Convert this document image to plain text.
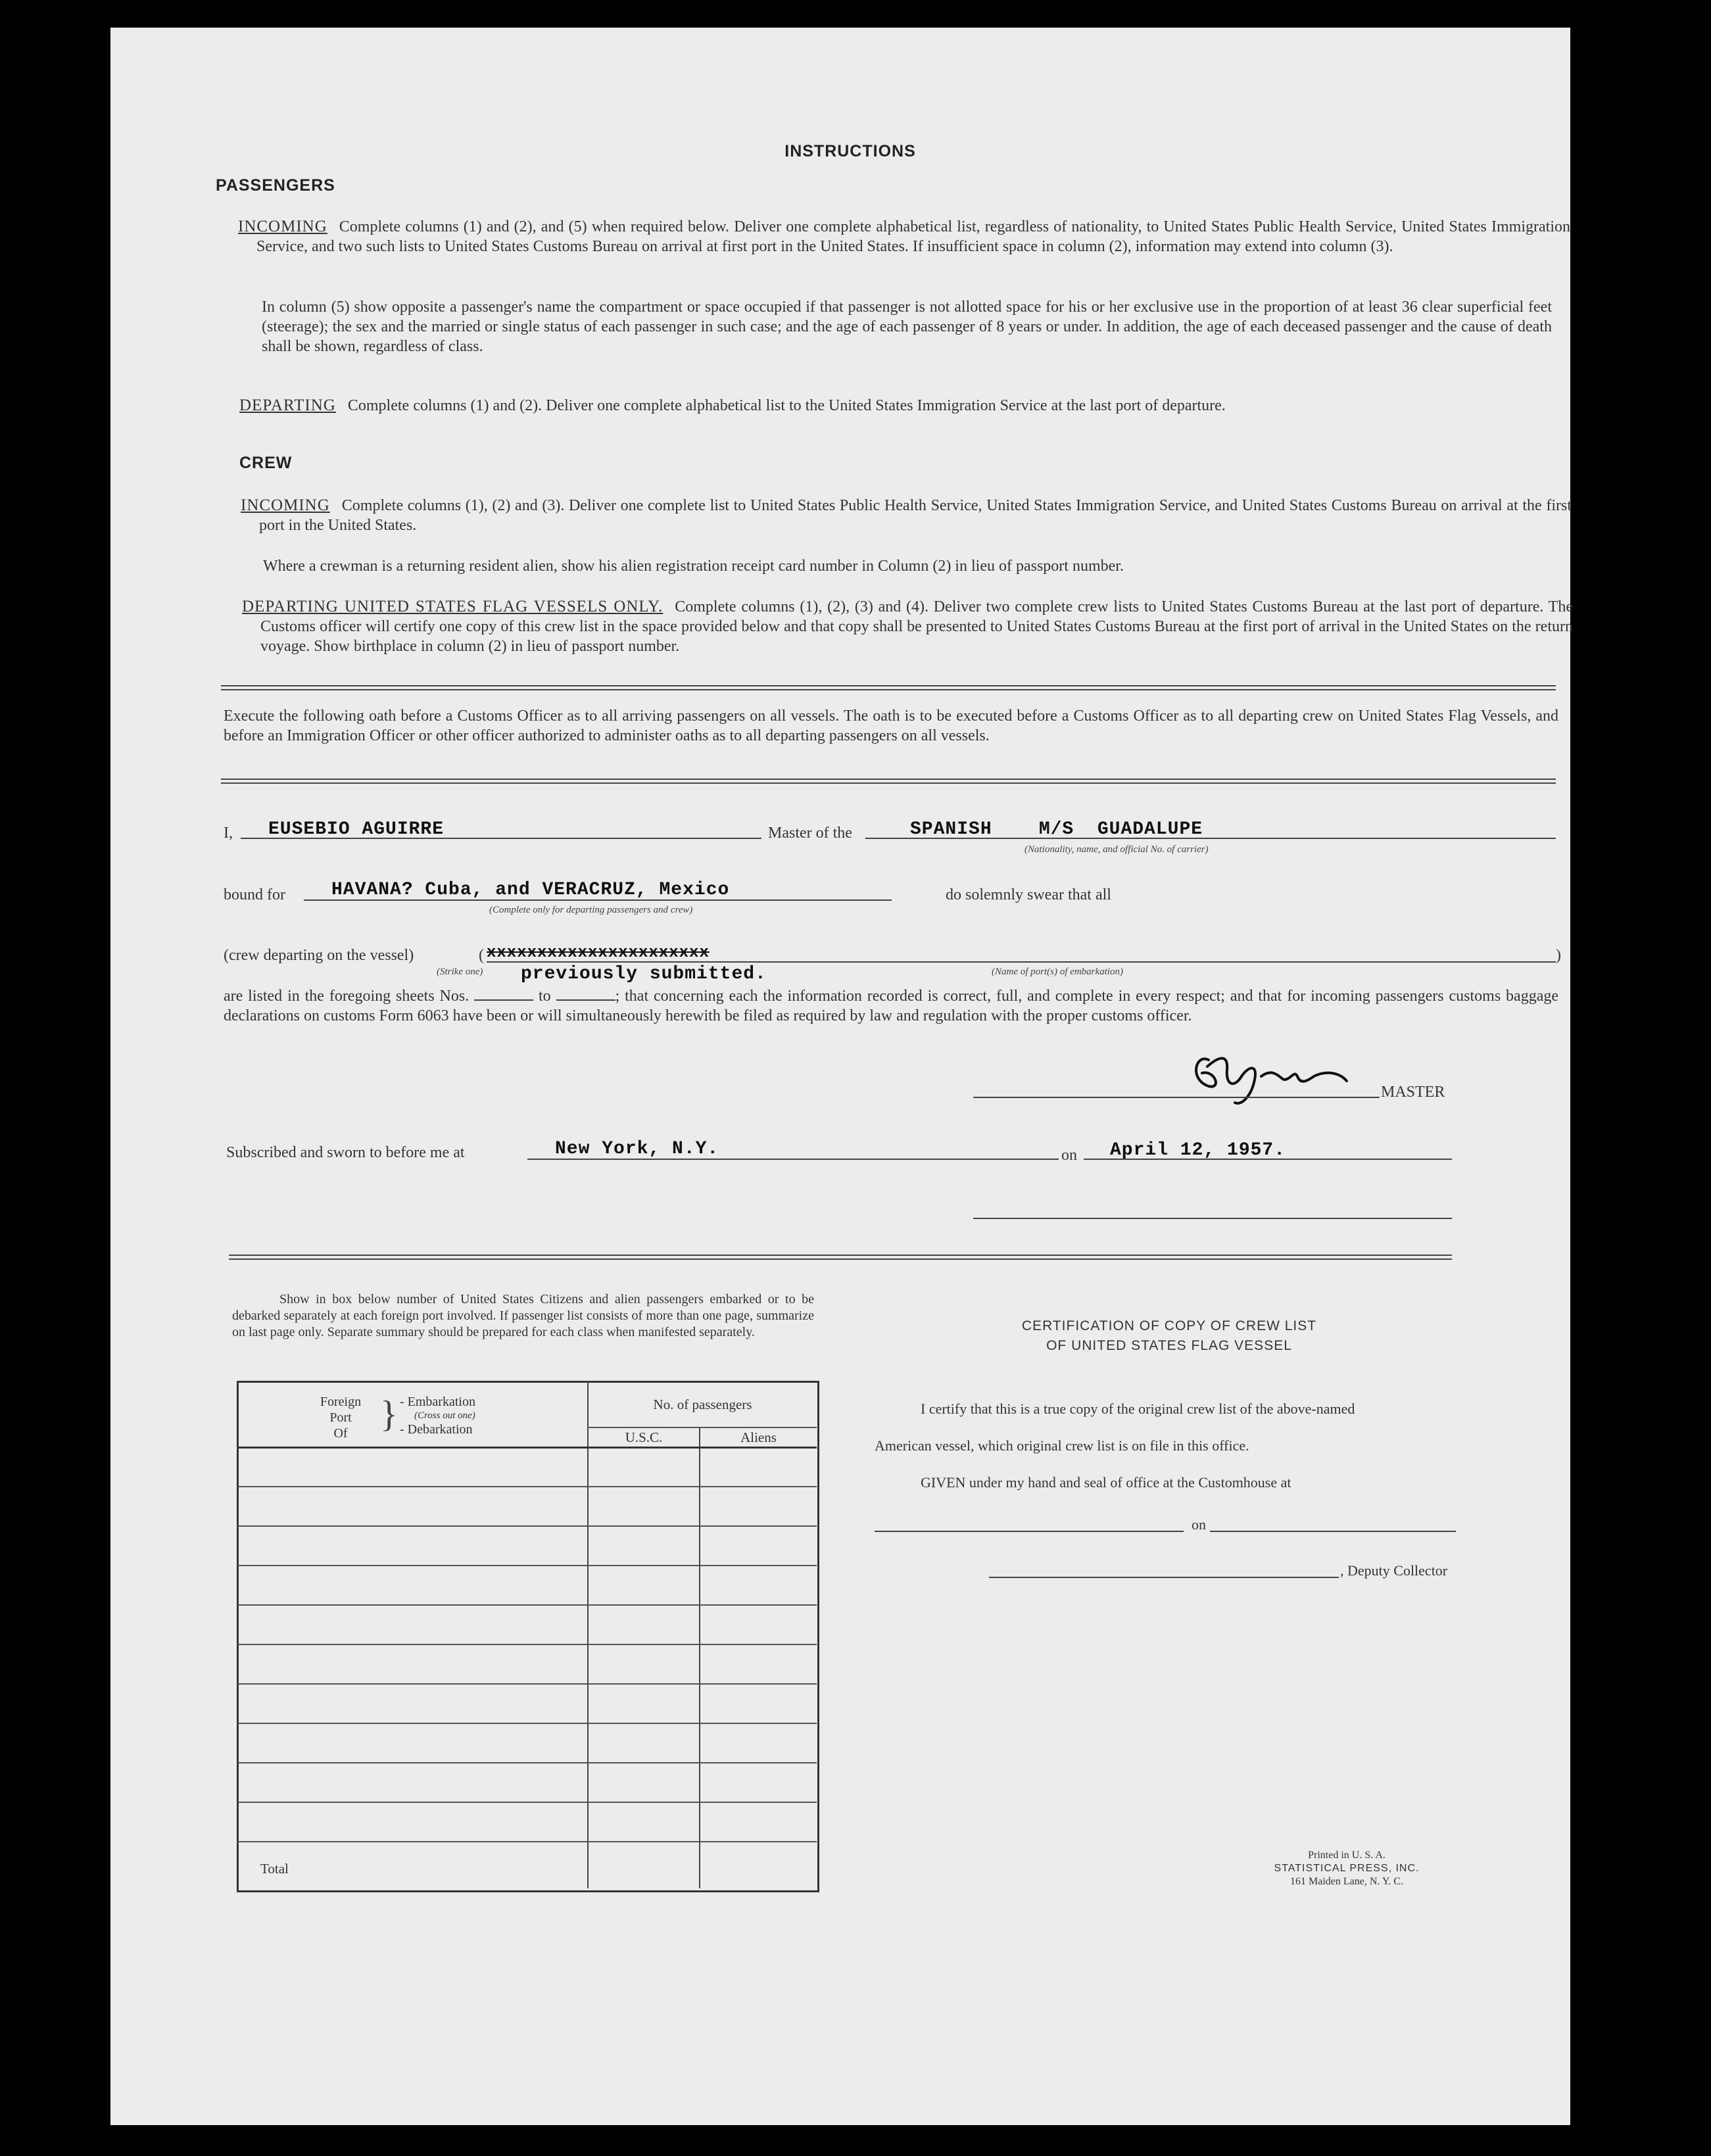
INSTRUCTIONS
PASSENGERS

INCOMING Complete columns (1) and (2), and (5) when required below. Deliver one complete alphabetical list, regardless of nationality, to United States Public Health Service, United States Immigration Service, and two such lists to United States Customs Bureau on arrival at first port in the United States. If insufficient space in column (2), information may extend into column (3).

In column (5) show opposite a passenger's name the compartment or space occupied if that passenger is not allotted space for his or her exclusive use in the proportion of at least 36 clear superficial feet (steerage); the sex and the married or single status of each passenger in such case; and the age of each passenger of 8 years or under. In addition, the age of each deceased passenger and the cause of death shall be shown, regardless of class.

DEPARTING Complete columns (1) and (2). Deliver one complete alphabetical list to the United States Immigration Service at the last port of departure.

CREW

INCOMING Complete columns (1), (2) and (3). Deliver one complete list to United States Public Health Service, United States Immigration Service, and United States Customs Bureau on arrival at the first port in the United States.

Where a crewman is a returning resident alien, show his alien registration receipt card number in Column (2) in lieu of passport number.

DEPARTING UNITED STATES FLAG VESSELS ONLY. Complete columns (1), (2), (3) and (4). Deliver two complete crew lists to United States Customs Bureau at the last port of departure. The Customs officer will certify one copy of this crew list in the space provided below and that copy shall be presented to United States Customs Bureau at the first port of arrival in the United States on the return voyage. Show birthplace in column (2) in lieu of passport number.

Execute the following oath before a Customs Officer as to all arriving passengers on all vessels. The oath is to be executed before a Customs Officer as to all departing crew on United States Flag Vessels, and before an Immigration Officer or other officer authorized to administer oaths as to all departing passengers on all vessels.

I, EUSEBIO AGUIRRE	Master of the	SPANISH    M/S  GUADALUPE
(Nationality, name, and official No. of carrier)
bound for	HAVANA? Cuba, and VERACRUZ, Mexico
(Complete only for departing passengers and crew)
do solemnly swear that all
(crew departing on the vessel)	( xxxxxxxxxxxxxxxxxxxxxx	)
(Strike one) previously submitted.	(Name of port(s) of embarkation)
are listed in the foregoing sheets Nos.	to	; that concerning each the information recorded is correct, full, and complete in every respect; and that for incoming passengers customs baggage declarations on customs Form 6063 have been or will simultaneously herewith be filed as required by law and regulation with the proper customs officer.
MASTER
Subscribed and sworn to before me at	New York, N.Y.	on April 12, 1957.

Show in box below number of United States Citizens and alien passengers embarked or to be debarked separately at each foreign port involved. If passenger list consists of more than one page, summarize on last page only. Separate summary should be prepared for each class when manifested separately.

Foreign
Port
Of } - Embarkation
(Cross out one)
- Debarkation
No. of passengers
U.S.C.	Aliens
Total
CERTIFICATION OF COPY OF CREW LIST
OF UNITED STATES FLAG VESSEL
I certify that this is a true copy of the original crew list of the above-named
American vessel, which original crew list is on file in this office.
GIVEN under my hand and seal of office at the Customhouse at
on
, Deputy Collector
Printed in U. S. A.
STATISTICAL PRESS, INC.
161 Maiden Lane, N. Y. C.
